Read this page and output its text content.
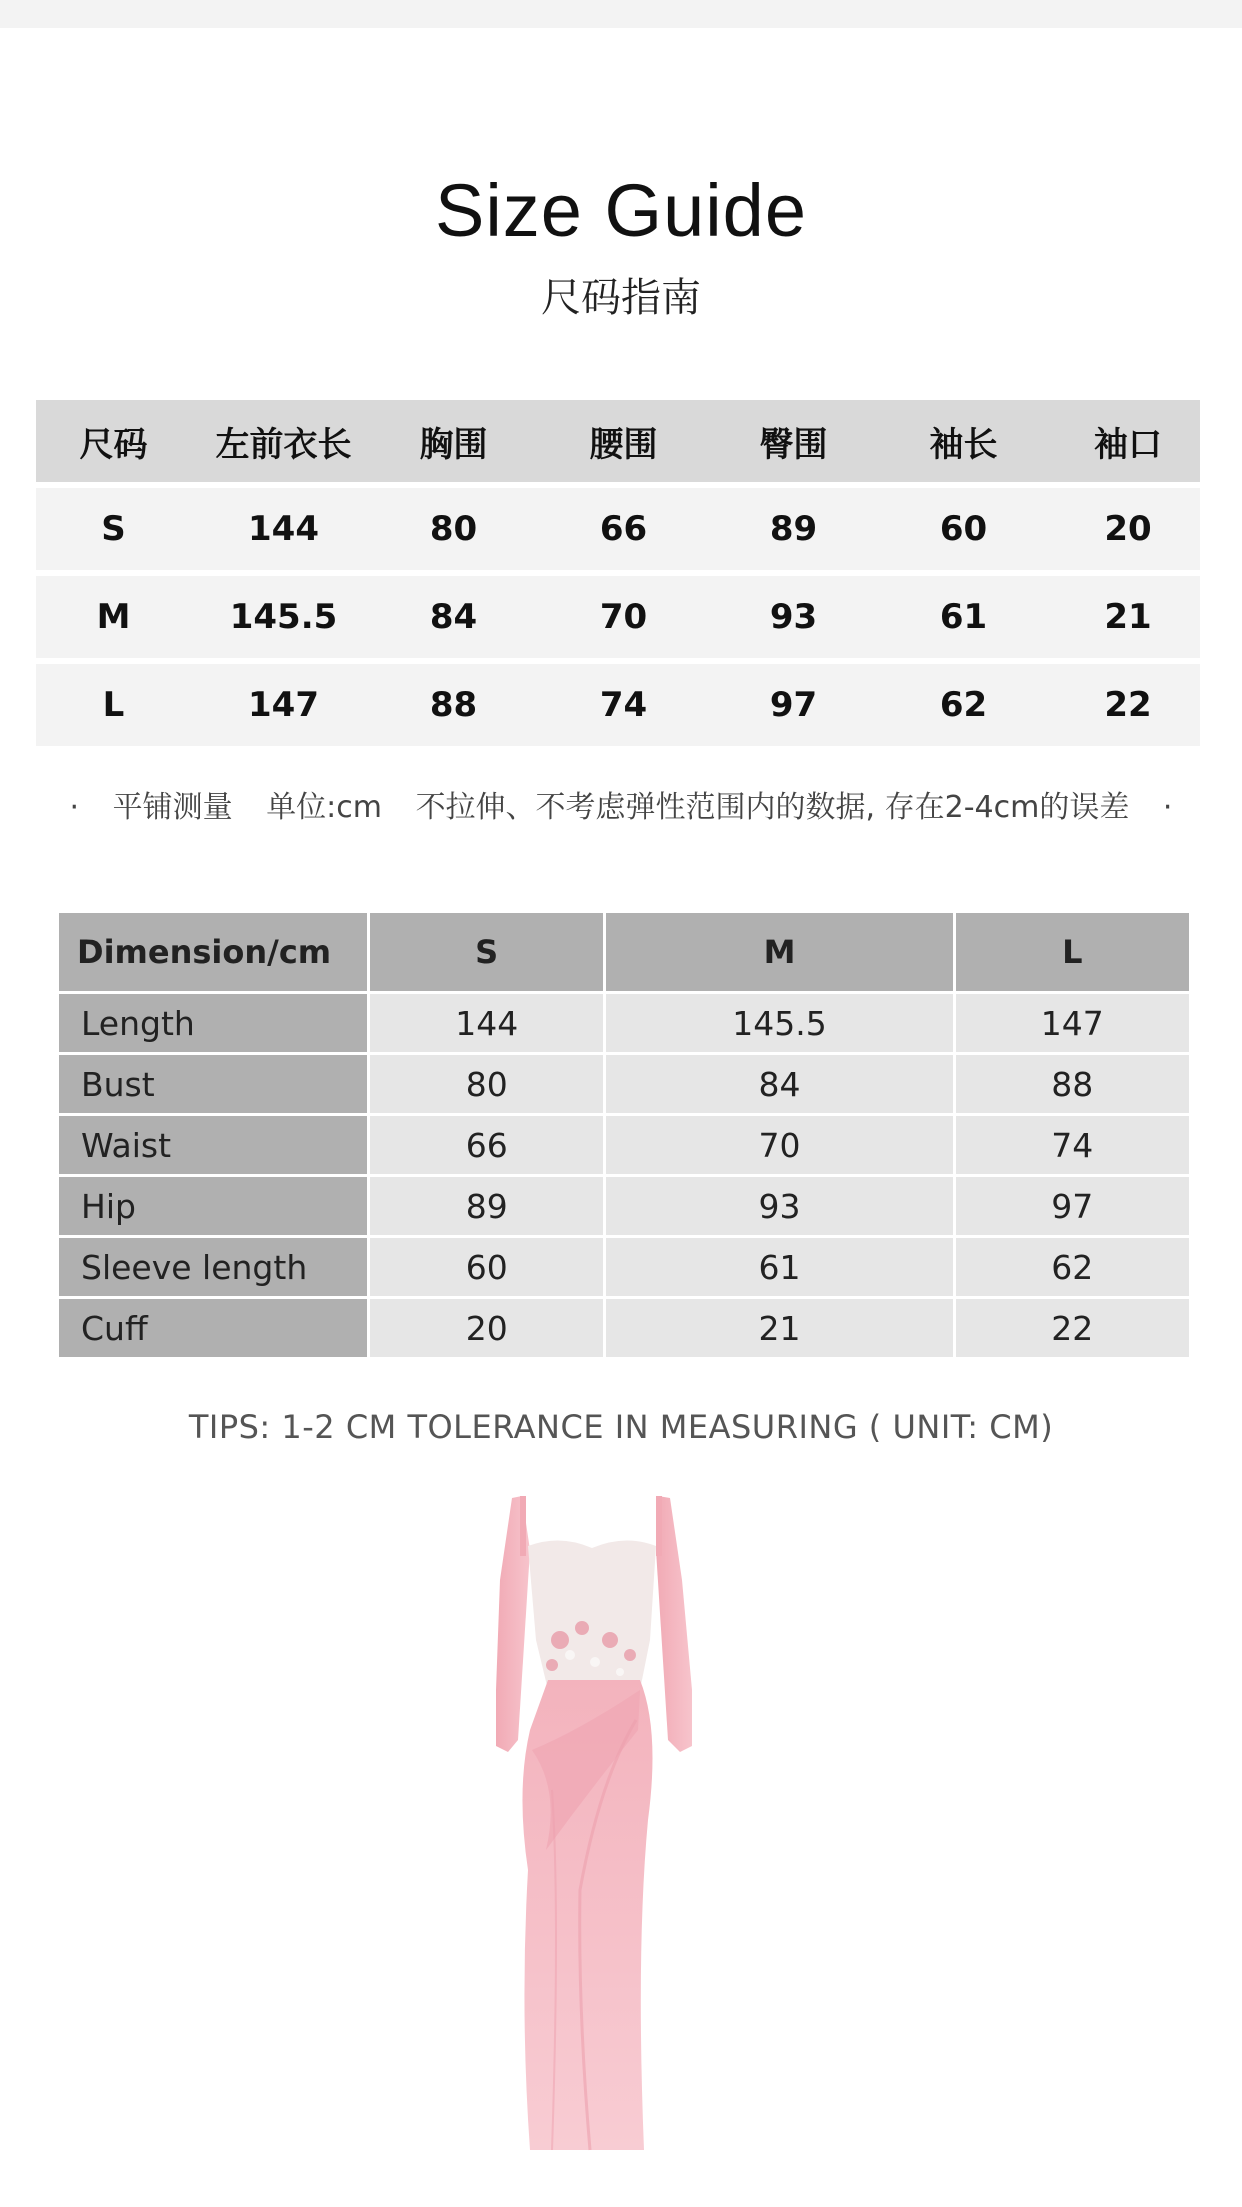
Size Guide
尺码指南
尺码	左前衣长	胸围	腰围	臀围	袖长	袖口
S	144	80	66	89	60	20
M	145.5	84	70	93	61	21
L	147	88	74	97	62	22
· 平铺测量 单位:cm 不拉伸、不考虑弹性范围内的数据, 存在2-4cm的误差 ·
Dimension/cm	S	M	L
Length	144	145.5	147
Bust	80	84	88
Waist	66	70	74
Hip	89	93	97
Sleeve length	60	61	62
Cuff	20	21	22
TIPS: 1-2 CM TOLERANCE IN MEASURING ( UNIT: CM)
